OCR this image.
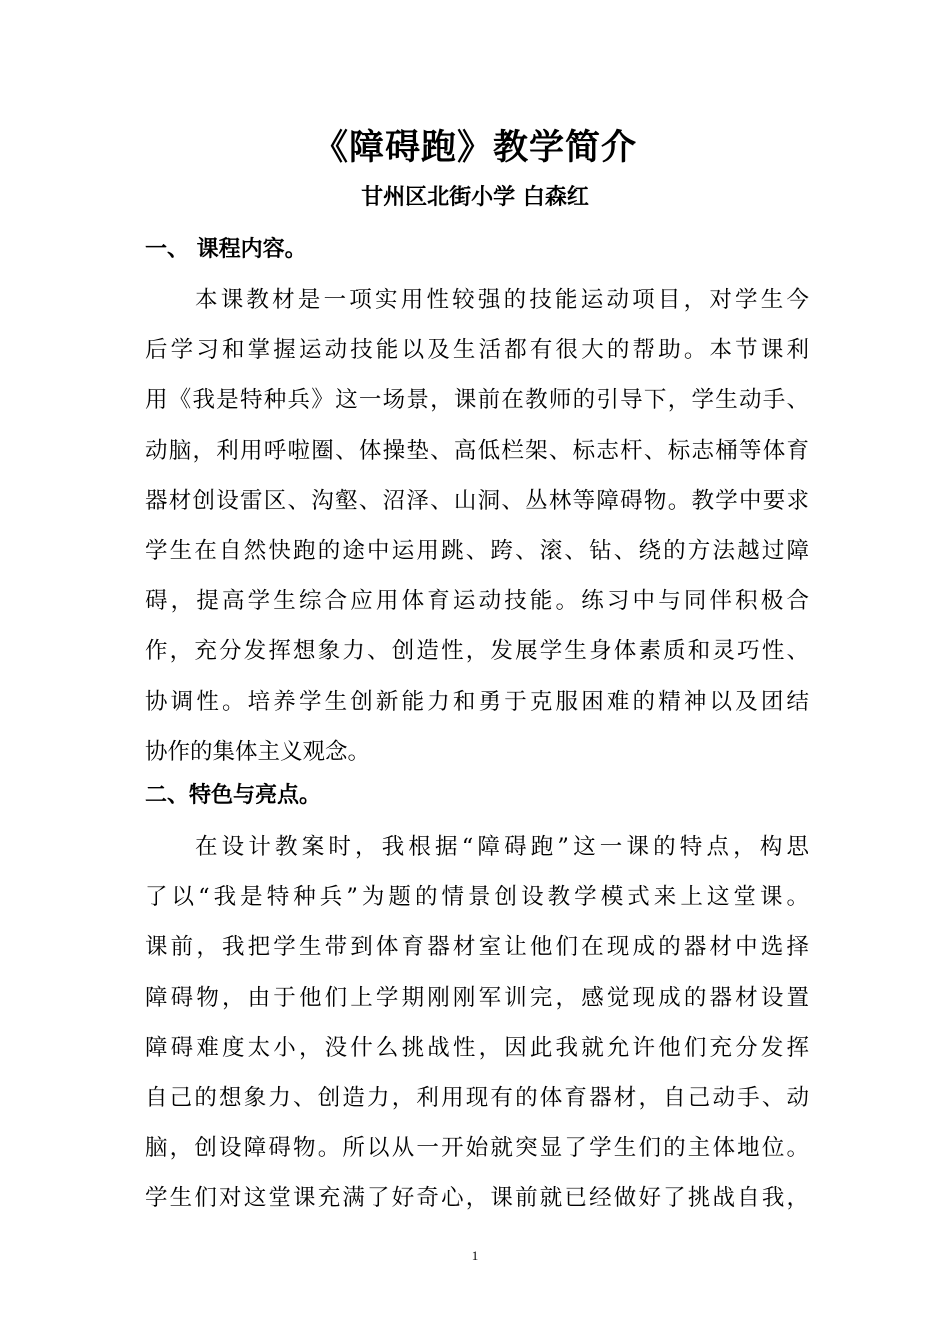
《障碍跑》教学简介
甘州区北街小学 白森红
一、 课程内容。
本课教材是一项实用性较强的技能运动项目，对学生今
后学习和掌握运动技能以及生活都有很大的帮助。本节课利
用《我是特种兵》这一场景，课前在教师的引导下，学生动手、
动脑，利用呼啦圈、体操垫、高低栏架、标志杆、标志桶等体育
器材创设雷区、沟壑、沼泽、山洞、丛林等障碍物。教学中要求
学生在自然快跑的途中运用跳、跨、滚、钻、绕的方法越过障
碍，提高学生综合应用体育运动技能。练习中与同伴积极合
作，充分发挥想象力、创造性，发展学生身体素质和灵巧性、
协调性。培养学生创新能力和勇于克服困难的精神以及团结
协作的集体主义观念。
二、特色与亮点。
在设计教案时，我根据“障碍跑”这一课的特点，构思
了以“我是特种兵”为题的情景创设教学模式来上这堂课。
课前，我把学生带到体育器材室让他们在现成的器材中选择
障碍物，由于他们上学期刚刚军训完，感觉现成的器材设置
障碍难度太小，没什么挑战性，因此我就允许他们充分发挥
自己的想象力、创造力，利用现有的体育器材，自己动手、动
脑，创设障碍物。所以从一开始就突显了学生们的主体地位。
学生们对这堂课充满了好奇心，课前就已经做好了挑战自我，
1
